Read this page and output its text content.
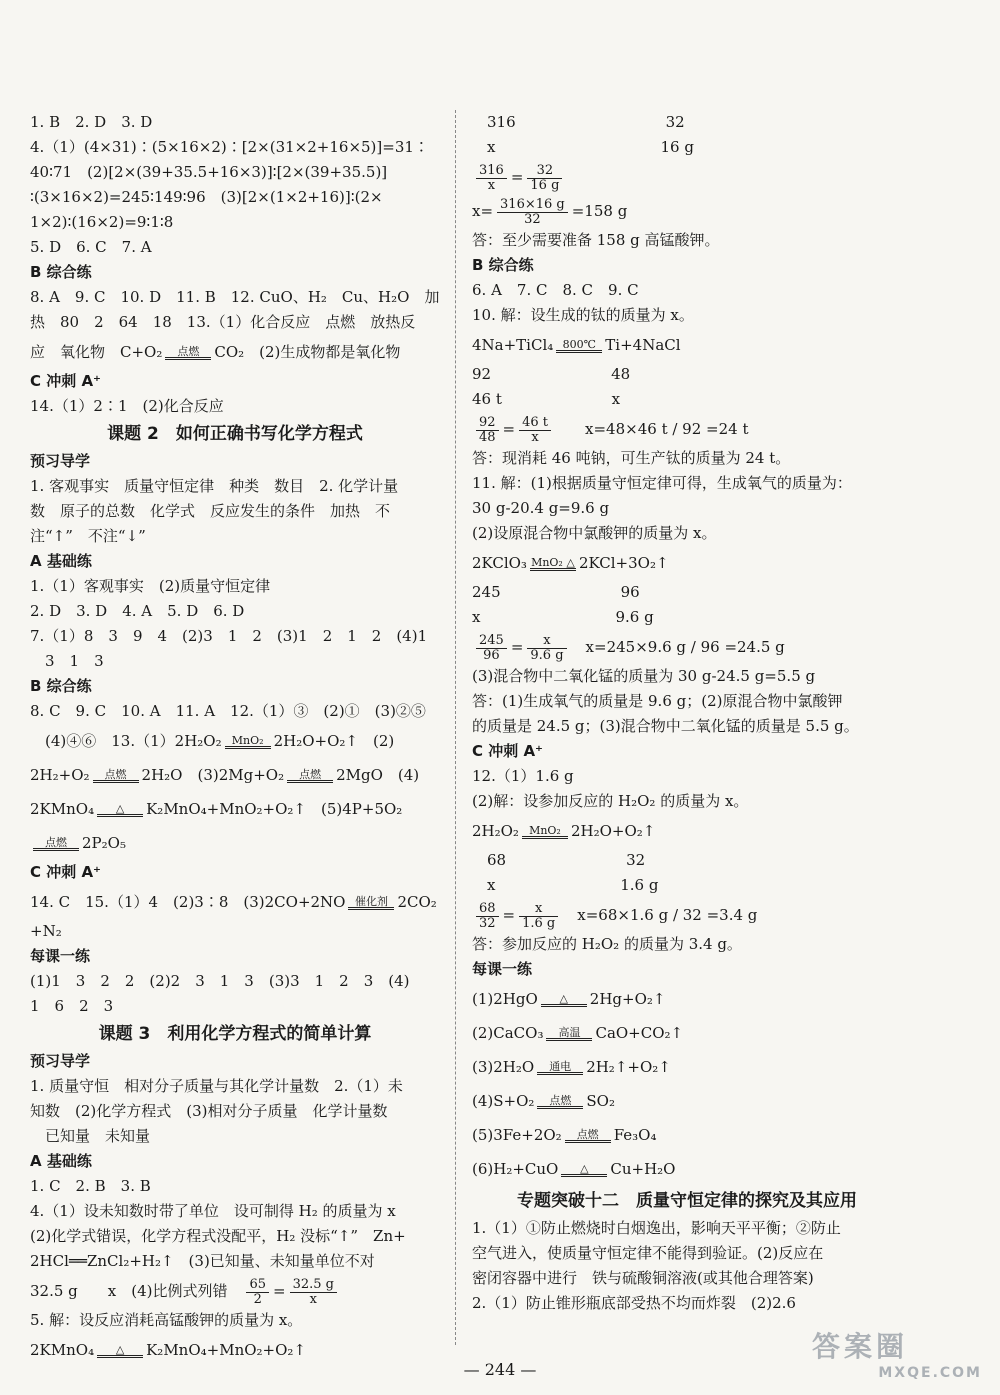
1. B　2. D　3. D
4.（1）(4×31)∶(5×16×2)∶[2×(31×2+16×5)]=31∶
40∶71　(2)[2×(39+35.5+16×3)]∶[2×(39+35.5)]
∶(3×16×2)=245∶149∶96　(3)[2×(1×2+16)]∶(2×
1×2)∶(16×2)=9∶1∶8
5. D　6. C　7. A
B 综合练
8. A　9. C　10. D　11. B　12. CuO、H₂　Cu、H₂O　加
热　80　2　64　18　13.（1）化合反应　点燃　放热反
应　氧化物　C+O₂	点燃	CO₂　(2)生成物都是氧化物
C 冲刺 A⁺
14.（1）2∶1　(2)化合反应
课题 2　如何正确书写化学方程式
预习导学
1. 客观事实　质量守恒定律　种类　数目　2. 化学计量
数　原子的总数　化学式　反应发生的条件　加热　不
注“↑”　不注“↓”
A 基础练
1.（1）客观事实　(2)质量守恒定律
2. D　3. D　4. A　5. D　6. D
7.（1）8　3　9　4　(2)3　1　2　(3)1　2　1　2　(4)1
　3　1　3
B 综合练
8. C　9. C　10. A　11. A　12.（1）③　(2)①　(3)②⑤
　(4)④⑥　13.（1）2H₂O₂ MnO₂ 2H₂O+O₂↑　(2)
2H₂+O₂	点燃	2H₂O　(3)2Mg+O₂	点燃	2MgO　(4)
2KMnO₄	△	K₂MnO₄+MnO₂+O₂↑　(5)4P+5O₂
点燃	2P₂O₅
C 冲刺 A⁺
14. C　15.（1）4　(2)3∶8　(3)2CO+2NO 催化剂 2CO₂
+N₂
每课一练
(1)1　3　2　2　(2)2　3　1　3　(3)3　1　2　3　(4)
1　6　2　3
课题 3　利用化学方程式的简单计算
预习导学
1. 质量守恒　相对分子质量与其化学计量数　2.（1）未
知数　(2)化学方程式　(3)相对分子质量　化学计量数
　已知量　未知量
A 基础练
1. C　2. B　3. B
4.（1）设未知数时带了单位　设可制得 H₂ 的质量为 x
(2)化学式错误，化学方程式没配平，H₂ 没标“↑”　Zn+
2HCl══ZnCl₂+H₂↑　(3)已知量、未知量单位不对
32.5 g　　x　(4)比例式列错　 $\frac{65}{2} = \frac{32.5 g}{x}$
5. 解：设反应消耗高锰酸钾的质量为 x。
2KMnO₄	△	K₂MnO₄+MnO₂+O₂↑
　316　　　　　　　　　　32
　x　　　　　　　　　　　16 g
$\frac{316}{x} = \frac{32}{16 g}$
$x= \frac{316\times 16 g}{32} =158$ g
答：至少需要准备 158 g 高锰酸钾。
B 综合练
6. A　7. C　8. C　9. C
10. 解：设生成的钛的质量为 x。
4Na+TiCl₄ 800℃ Ti+4NaCl
92　　　　　　　　48
46 t　　　　　　　 x
$\frac{92}{48} = \frac{46 t}{x}$ 　　x=48×46 t / 92 =24 t
答：现消耗 46 吨钠，可生产钛的质量为 24 t。
11. 解：(1)根据质量守恒定律可得，生成氧气的质量为：
30 g-20.4 g=9.6 g
(2)设原混合物中氯酸钾的质量为 x。
2KClO₃ MnO₂ △ 2KCl+3O₂↑
245　　　　　　　　96
x　　　　　　　　　9.6 g
$\frac{245}{96} = \frac{x}{9.6 g}$ 　x=245×9.6 g / 96 =24.5 g
(3)混合物中二氧化锰的质量为 30 g-24.5 g=5.5 g
答：(1)生成氧气的质量是 9.6 g；(2)原混合物中氯酸钾
的质量是 24.5 g；(3)混合物中二氧化锰的质量是 5.5 g。
C 冲刺 A⁺
12.（1）1.6 g
(2)解：设参加反应的 H₂O₂ 的质量为 x。
2H₂O₂ MnO₂ 2H₂O+O₂↑
　68　　　　　　　　32
　x　　　　　　　　 1.6 g
$\frac{68}{32} = \frac{x}{1.6 g}$ 　x=68×1.6 g / 32 =3.4 g
答：参加反应的 H₂O₂ 的质量为 3.4 g。
每课一练
(1)2HgO	△	2Hg+O₂↑
(2)CaCO₃	高温	CaO+CO₂↑
(3)2H₂O	通电	2H₂↑+O₂↑
(4)S+O₂	点燃	SO₂
(5)3Fe+2O₂	点燃	Fe₃O₄
(6)H₂+CuO	△	Cu+H₂O
专题突破十二　质量守恒定律的探究及其应用
1.（1）①防止燃烧时白烟逸出，影响天平平衡；②防止
空气进入，使质量守恒定律不能得到验证。(2)反应在
密闭容器中进行　铁与硫酸铜溶液(或其他合理答案)
2.（1）防止锥形瓶底部受热不均而炸裂　(2)2.6
— 244 —
答案圈
MXQE.COM
